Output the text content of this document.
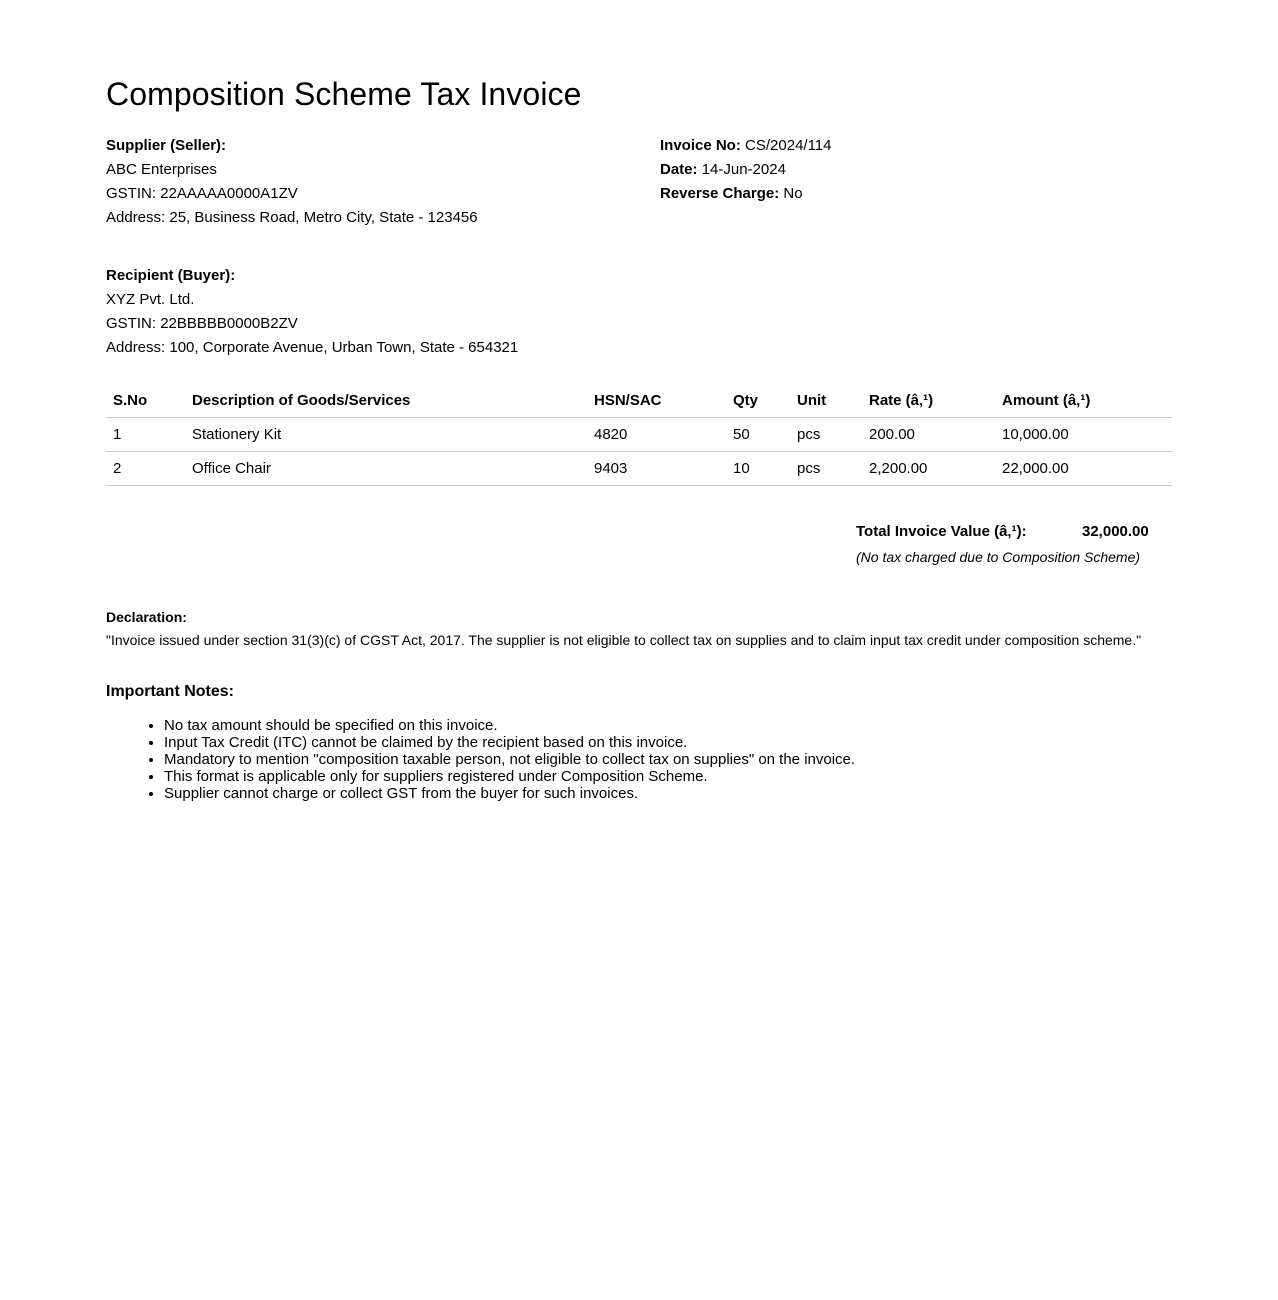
Composition Scheme Tax Invoice
Supplier (Seller):
ABC Enterprises
GSTIN: 22AAAAA0000A1ZV
Address: 25, Business Road, Metro City, State - 123456
Invoice No: CS/2024/114
Date: 14-Jun-2024
Reverse Charge: No
Recipient (Buyer):
XYZ Pvt. Ltd.
GSTIN: 22BBBBB0000B2ZV
Address: 100, Corporate Avenue, Urban Town, State - 654321
S.No	Description of Goods/Services	HSN/SAC	Qty	Unit	Rate (â‚¹)	Amount (â‚¹)
1	Stationery Kit	4820	50	pcs	200.00	10,000.00
2	Office Chair	9403	10	pcs	2,200.00	22,000.00
Total Invoice Value (â‚¹):	32,000.00
(No tax charged due to Composition Scheme)
Declaration:
"Invoice issued under section 31(3)(c) of CGST Act, 2017. The supplier is not eligible to collect tax on supplies and to claim input tax credit under composition scheme."
Important Notes:
• No tax amount should be specified on this invoice.
• Input Tax Credit (ITC) cannot be claimed by the recipient based on this invoice.
• Mandatory to mention "composition taxable person, not eligible to collect tax on supplies" on the invoice.
• This format is applicable only for suppliers registered under Composition Scheme.
• Supplier cannot charge or collect GST from the buyer for such invoices.
